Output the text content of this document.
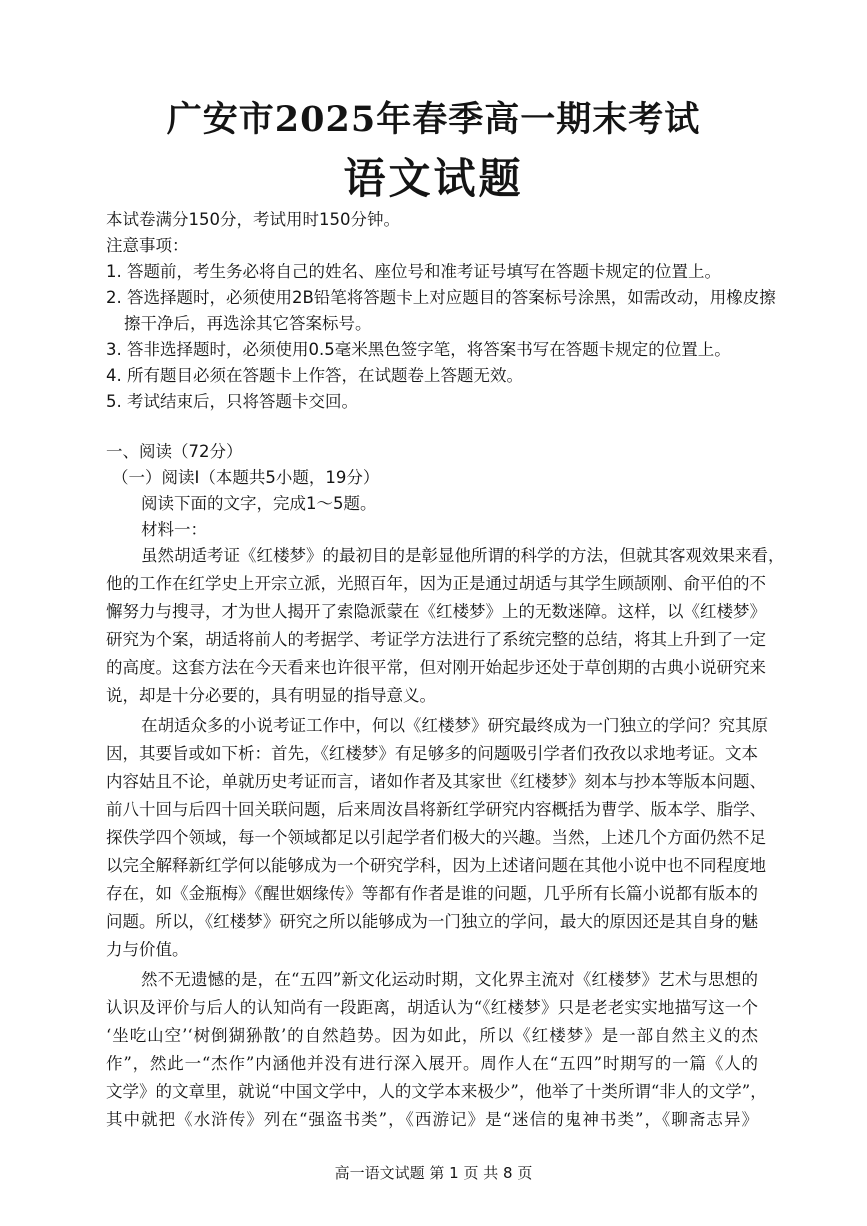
广安市2025年春季高一期末考试
语文试题
本试卷满分150分，考试用时150分钟。
注意事项：
1. 答题前，考生务必将自己的姓名、座位号和准考证号填写在答题卡规定的位置上。
2. 答选择题时，必须使用2B铅笔将答题卡上对应题目的答案标号涂黑，如需改动，用橡皮擦
擦干净后，再选涂其它答案标号。
3. 答非选择题时，必须使用0.5毫米黑色签字笔，将答案书写在答题卡规定的位置上。
4. 所有题目必须在答题卡上作答，在试题卷上答题无效。
5. 考试结束后，只将答题卡交回。
一、阅读（72分）
（一）阅读Ⅰ（本题共5小题，19分）
阅读下面的文字，完成1～5题。
材料一：
虽然胡适考证《红楼梦》的最初目的是彰显他所谓的科学的方法，但就其客观效果来看，
他的工作在红学史上开宗立派，光照百年，因为正是通过胡适与其学生顾颉刚、俞平伯的不
懈努力与搜寻，才为世人揭开了索隐派蒙在《红楼梦》上的无数迷障。这样，以《红楼梦》
研究为个案，胡适将前人的考据学、考证学方法进行了系统完整的总结，将其上升到了一定
的高度。这套方法在今天看来也许很平常，但对刚开始起步还处于草创期的古典小说研究来
说，却是十分必要的，具有明显的指导意义。
在胡适众多的小说考证工作中，何以《红楼梦》研究最终成为一门独立的学问？究其原
因，其要旨或如下析：首先，《红楼梦》有足够多的问题吸引学者们孜孜以求地考证。文本
内容姑且不论，单就历史考证而言，诸如作者及其家世《红楼梦》刻本与抄本等版本问题、
前八十回与后四十回关联问题，后来周汝昌将新红学研究内容概括为曹学、版本学、脂学、
探佚学四个领域，每一个领域都足以引起学者们极大的兴趣。当然，上述几个方面仍然不足
以完全解释新红学何以能够成为一个研究学科，因为上述诸问题在其他小说中也不同程度地
存在，如《金瓶梅》《醒世姻缘传》等都有作者是谁的问题，几乎所有长篇小说都有版本的
问题。所以，《红楼梦》研究之所以能够成为一门独立的学问，最大的原因还是其自身的魅
力与价值。
然不无遗憾的是，在“五四”新文化运动时期，文化界主流对《红楼梦》艺术与思想的
认识及评价与后人的认知尚有一段距离，胡适认为“《红楼梦》只是老老实实地描写这一个
‘坐吃山空’‘树倒猢狲散’的自然趋势。因为如此，所以《红楼梦》是一部自然主义的杰
作”，然此一“杰作”内涵他并没有进行深入展开。周作人在“五四”时期写的一篇《人的
文学》的文章里，就说“中国文学中，人的文学本来极少”，他举了十类所谓“非人的文学”，
其中就把《水浒传》列在“强盗书类”，《西游记》是“迷信的鬼神书类”，《聊斋志异》
高一语文试题 第 1 页 共 8 页
